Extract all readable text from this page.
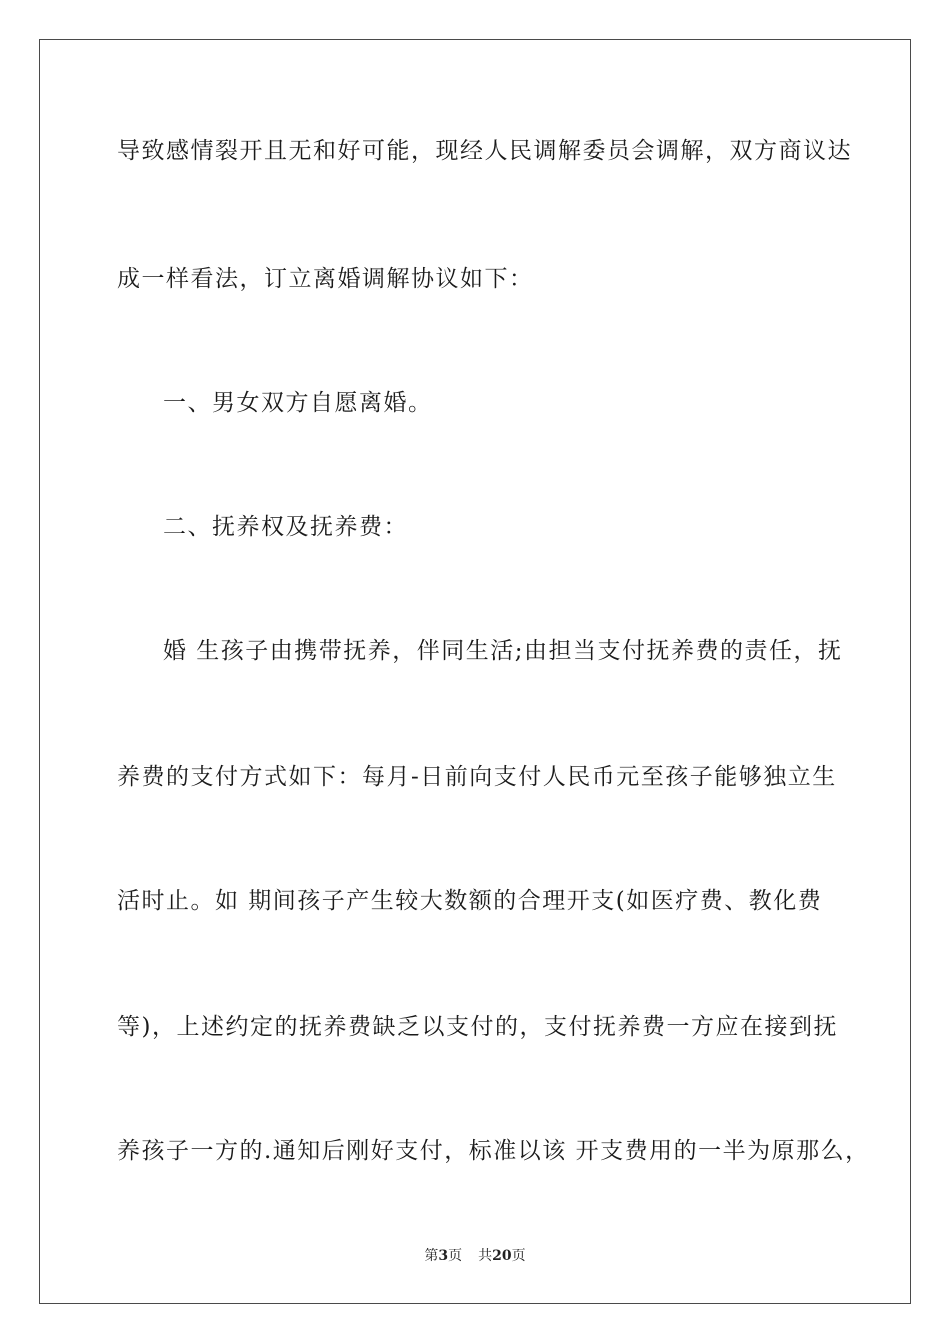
导致感情裂开且无和好可能，现经人民调解委员会调解，双方商议达

成一样看法，订立离婚调解协议如下：

一、男女双方自愿离婚。

二、抚养权及抚养费：

婚 生孩子由携带抚养，伴同生活;由担当支付抚养费的责任，抚

养费的支付方式如下：每月-日前向支付人民币元至孩子能够独立生

活时止。如 期间孩子产生较大数额的合理开支(如医疗费、教化费

等)，上述约定的抚养费缺乏以支付的，支付抚养费一方应在接到抚

养孩子一方的.通知后刚好支付，标准以该 开支费用的一半为原那么，

第3页 共20页
